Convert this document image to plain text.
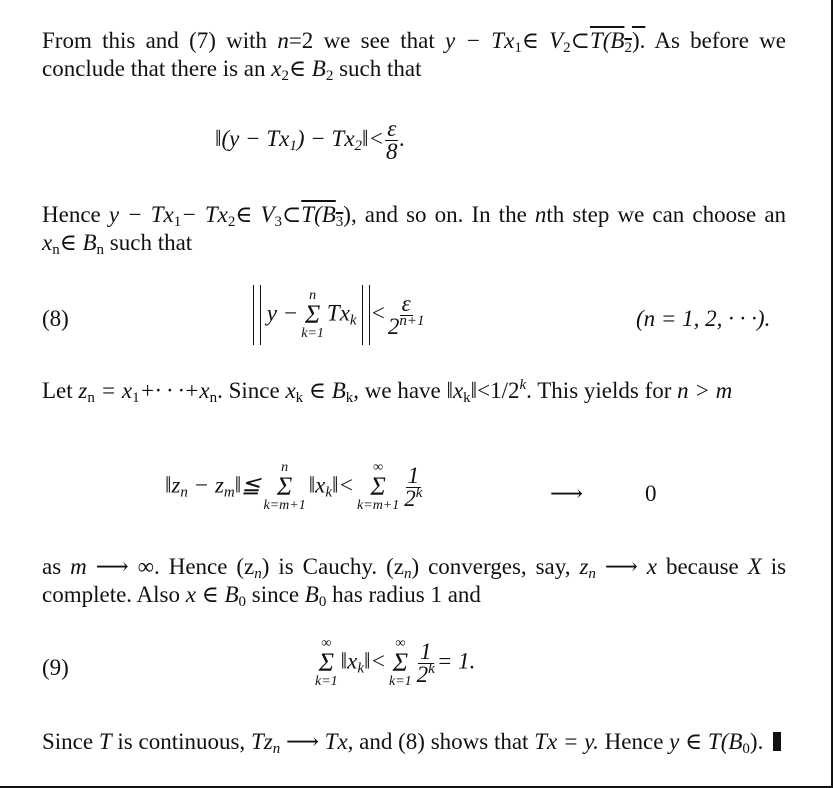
From this and (7) with n=2 we see that $y - Tx_1\in$ $V_2\subset T(B_2)$. As before we conclude that there is an $x_2\in$ $B_2$ such that

‖(y − $Tx_1$) − $Tx_2‖< \frac{\varepsilon}{8}$ .

Hence $y - Tx_1-$ $Tx_2\in$ $V_3\subset T(B_3)$, and so on. In the nth step we can choose an $x_n\in$ $B_n$ such that

(8)	y −
n
Σ
k=1
$Tx_k < \frac{\varepsilon}{2^{n+1}}$	(n = 1, 2, · · ·).

Let $z_n = x_1+\cdot \cdot \cdot+x_n$. Since $x_k$ ∈ $B_k$, we have $‖x_k‖<1/2^k$. This yields for n > m

$‖z_n$ − $z_m‖≦$
n
Σ
k=m+1
$‖x_k‖<$
∞
Σ
$k=m+1 \frac{1}{2^k}$	⟶	0

as m ⟶ ∞. Hence $(z_n)$ is Cauchy. $(z_n)$ converges, say, $z_n$ ⟶ x because X is complete. Also x ∈ $B_0$ since $B_0$ has radius 1 and

(9)
∞
Σ
k=1
$‖x_k‖<$
∞
Σ
$k=1 \frac{1}{2^k} = 1$.

Since T is continuous, $Tz_n$ ⟶ Tx, and (8) shows that Tx = y. Hence y ∈ $T(B_0)$.
